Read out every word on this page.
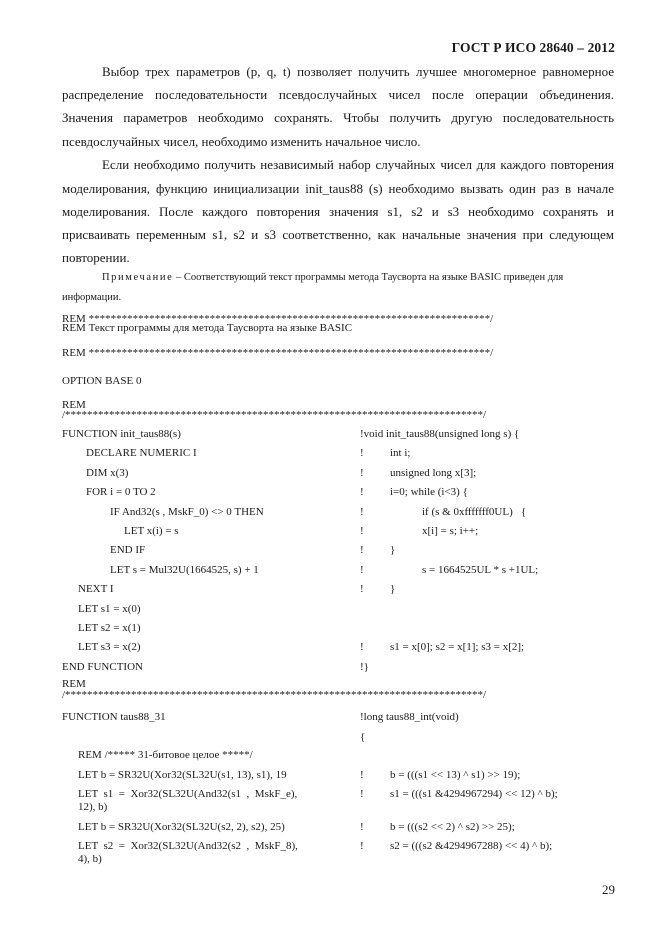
ГОСТ Р ИСО 28640 – 2012

Выбор трех параметров (p, q, t) позволяет получить лучшее многомерное равномерное распределение последовательности псевдослучайных чисел после операции объединения. Значения параметров необходимо сохранять. Чтобы получить другую последовательность псевдослучайных чисел, необходимо изменить начальное число.

Если необходимо получить независимый набор случайных чисел для каждого повторения моделирования, функцию инициализации init_taus88 (s) необходимо вызвать один раз в начале моделирования. После каждого повторения значения s1, s2 и s3 необходимо сохранять и присваивать переменным s1, s2 и s3 соответственно, как начальные значения при следующем повторении.

Примечание – Соответствующий текст программы метода Таусворта на языке BASIC приведен для информации.
REM *************************************************************************/
REM Текст программы для метода Таусворта на языке BASIC
REM *************************************************************************/
OPTION BASE 0
REM
/****************************************************************************/
FUNCTION init_taus88(s)	!void init_taus88(unsigned long s) {
DECLARE NUMERIC I	! int i;
DIM x(3)	! unsigned long x[3];
FOR i = 0 TO 2	! i=0; while (i<3) {
IF And32(s , MskF_0) <> 0 THEN	!	if (s & 0xfffffff0UL)   {
LET x(i) = s	!	x[i] = s; i++;
END IF	! }
LET s = Mul32U(1664525, s) + 1	!	s = 1664525UL * s +1UL;
NEXT I	! }
LET s1 = x(0)
LET s2 = x(1)
LET s3 = x(2)	! s1 = x[0]; s2 = x[1]; s3 = x[2];
END FUNCTION	!}
REM
/****************************************************************************/
FUNCTION taus88_31	!long taus88_int(void)
{
REM /***** 31-битовое целое *****/
LET b = SR32U(Xor32(SL32U(s1, 13), s1), 19	! b = (((s1 << 13) ^ s1) >> 19);
LET  s1  =  Xor32(SL32U(And32(s1  ,  MskF_e),	! s1 = (((s1 &4294967294) << 12) ^ b);
12), b)
LET b = SR32U(Xor32(SL32U(s2, 2), s2), 25)	! b = (((s2 << 2) ^ s2) >> 25);
LET  s2  =  Xor32(SL32U(And32(s2  ,  MskF_8),	! s2 = (((s2 &4294967288) << 4) ^ b);
4), b)
29
